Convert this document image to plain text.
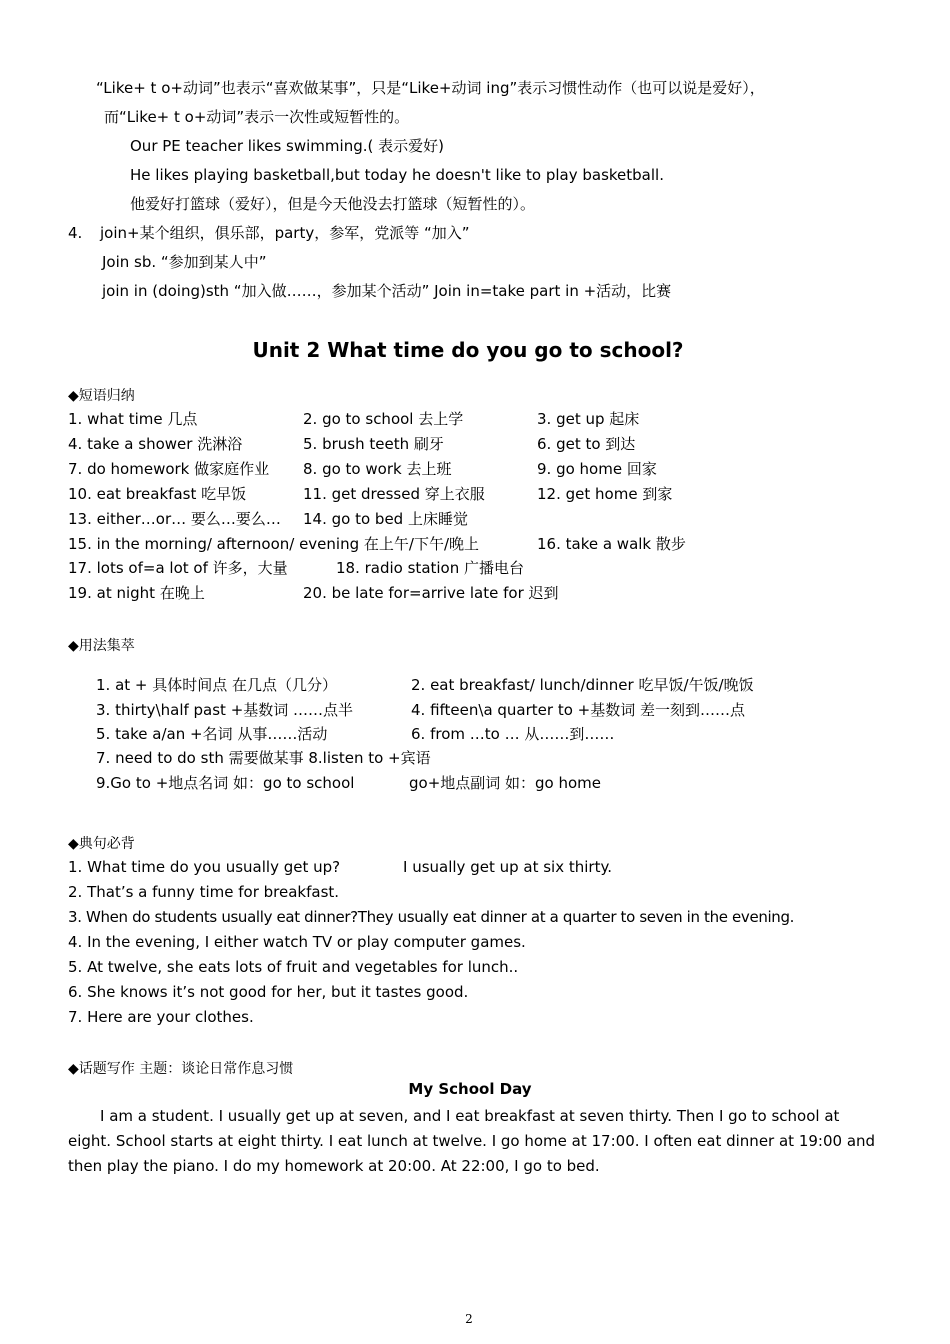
“Like+ t o+动词”也表示“喜欢做某事”，只是“Like+动词 ing”表示习惯性动作（也可以说是爱好），
而“Like+ t o+动词”表示一次性或短暂性的。
Our PE teacher likes swimming.( 表示爱好)
He likes playing basketball,but today he doesn't like to play basketball.
他爱好打篮球（爱好），但是今天他没去打篮球（短暂性的）。
4. join+某个组织，俱乐部，party，参军，党派等 “加入”
Join sb. “参加到某人中”
join in (doing)sth “加入做……，参加某个活动” Join in=take part in +活动，比赛
Unit 2 What time do you go to school?
◆短语归纳
1. what time 几点	2. go to school 去上学	3. get up 起床
4. take a shower 洗淋浴	5. brush teeth 刷牙	6. get to 到达
7. do homework 做家庭作业 8. go to work 去上班	9. go home 回家
10. eat breakfast 吃早饭	11. get dressed 穿上衣服	12. get home 到家
13. either…or… 要么…要么… 14. go to bed 上床睡觉
15. in the morning/ afternoon/ evening 在上午/下午/晚上	16. take a walk 散步
17. lots of=a lot of 许多，大量	18. radio station 广播电台
19. at night 在晚上	20. be late for=arrive late for 迟到
◆用法集萃
1. at + 具体时间点 在几点（几分）	2. eat breakfast/ lunch/dinner 吃早饭/午饭/晚饭
3. thirty\half past +基数词 ……点半	4. fifteen\a quarter to +基数词 差一刻到……点
5. take a/an +名词 从事……活动	6. from …to … 从……到……
7. need to do sth 需要做某事 8.listen to +宾语
9.Go to +地点名词 如：go to school	go+地点副词 如：go home
◆典句必背
1. What time do you usually get up?	I usually get up at six thirty.
2. That’s a funny time for breakfast.
3. When do students usually eat dinner?They usually eat dinner at a quarter to seven in the evening.
4. In the evening, I either watch TV or play computer games.
5. At twelve, she eats lots of fruit and vegetables for lunch..
6. She knows it’s not good for her, but it tastes good.
7. Here are your clothes.
◆话题写作 主题：谈论日常作息习惯
My School Day
I am a student. I usually get up at seven, and I eat breakfast at seven thirty. Then I go to school at eight. School starts at eight thirty. I eat lunch at twelve. I go home at 17:00. I often eat dinner at 19:00 and then play the piano. I do my homework at 20:00. At 22:00, I go to bed.
2
